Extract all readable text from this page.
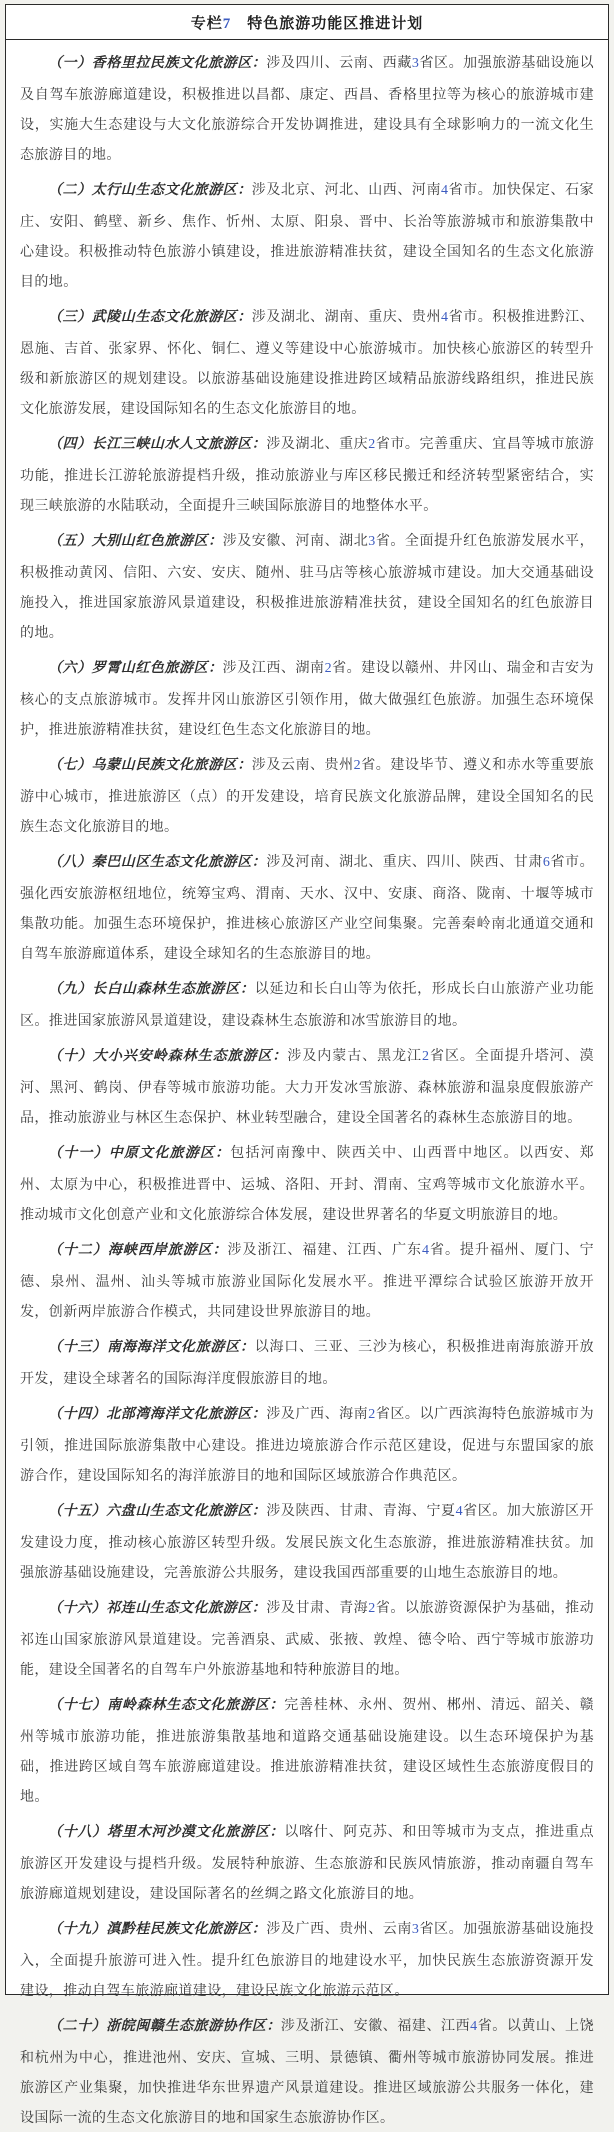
专栏7　特色旅游功能区推进计划

（一）香格里拉民族文化旅游区：涉及四川、云南、西藏3省区。加强旅游基础设施以及自驾车旅游廊道建设，积极推进以昌都、康定、西昌、香格里拉等为核心的旅游城市建设，实施大生态建设与大文化旅游综合开发协调推进，建设具有全球影响力的一流文化生态旅游目的地。

（二）太行山生态文化旅游区：涉及北京、河北、山西、河南4省市。加快保定、石家庄、安阳、鹤壁、新乡、焦作、忻州、太原、阳泉、晋中、长治等旅游城市和旅游集散中心建设。积极推动特色旅游小镇建设，推进旅游精准扶贫，建设全国知名的生态文化旅游目的地。

（三）武陵山生态文化旅游区：涉及湖北、湖南、重庆、贵州4省市。积极推进黔江、恩施、吉首、张家界、怀化、铜仁、遵义等建设中心旅游城市。加快核心旅游区的转型升级和新旅游区的规划建设。以旅游基础设施建设推进跨区域精品旅游线路组织，推进民族文化旅游发展，建设国际知名的生态文化旅游目的地。

（四）长江三峡山水人文旅游区：涉及湖北、重庆2省市。完善重庆、宜昌等城市旅游功能，推进长江游轮旅游提档升级，推动旅游业与库区移民搬迁和经济转型紧密结合，实现三峡旅游的水陆联动，全面提升三峡国际旅游目的地整体水平。

（五）大别山红色旅游区：涉及安徽、河南、湖北3省。全面提升红色旅游发展水平，积极推动黄冈、信阳、六安、安庆、随州、驻马店等核心旅游城市建设。加大交通基础设施投入，推进国家旅游风景道建设，积极推进旅游精准扶贫，建设全国知名的红色旅游目的地。

（六）罗霄山红色旅游区：涉及江西、湖南2省。建设以赣州、井冈山、瑞金和吉安为核心的支点旅游城市。发挥井冈山旅游区引领作用，做大做强红色旅游。加强生态环境保护，推进旅游精准扶贫，建设红色生态文化旅游目的地。

（七）乌蒙山民族文化旅游区：涉及云南、贵州2省。建设毕节、遵义和赤水等重要旅游中心城市，推进旅游区（点）的开发建设，培育民族文化旅游品牌，建设全国知名的民族生态文化旅游目的地。

（八）秦巴山区生态文化旅游区：涉及河南、湖北、重庆、四川、陕西、甘肃6省市。强化西安旅游枢纽地位，统筹宝鸡、渭南、天水、汉中、安康、商洛、陇南、十堰等城市集散功能。加强生态环境保护，推进核心旅游区产业空间集聚。完善秦岭南北通道交通和自驾车旅游廊道体系，建设全球知名的生态旅游目的地。

（九）长白山森林生态旅游区：以延边和长白山等为依托，形成长白山旅游产业功能区。推进国家旅游风景道建设，建设森林生态旅游和冰雪旅游目的地。

（十）大小兴安岭森林生态旅游区：涉及内蒙古、黑龙江2省区。全面提升塔河、漠河、黑河、鹤岗、伊春等城市旅游功能。大力开发冰雪旅游、森林旅游和温泉度假旅游产品，推动旅游业与林区生态保护、林业转型融合，建设全国著名的森林生态旅游目的地。

（十一）中原文化旅游区：包括河南豫中、陕西关中、山西晋中地区。以西安、郑州、太原为中心，积极推进晋中、运城、洛阳、开封、渭南、宝鸡等城市文化旅游水平。推动城市文化创意产业和文化旅游综合体发展，建设世界著名的华夏文明旅游目的地。

（十二）海峡西岸旅游区：涉及浙江、福建、江西、广东4省。提升福州、厦门、宁德、泉州、温州、汕头等城市旅游业国际化发展水平。推进平潭综合试验区旅游开放开发，创新两岸旅游合作模式，共同建设世界旅游目的地。

（十三）南海海洋文化旅游区：以海口、三亚、三沙为核心，积极推进南海旅游开放开发，建设全球著名的国际海洋度假旅游目的地。

（十四）北部湾海洋文化旅游区：涉及广西、海南2省区。以广西滨海特色旅游城市为引领，推进国际旅游集散中心建设。推进边境旅游合作示范区建设，促进与东盟国家的旅游合作，建设国际知名的海洋旅游目的地和国际区域旅游合作典范区。

（十五）六盘山生态文化旅游区：涉及陕西、甘肃、青海、宁夏4省区。加大旅游区开发建设力度，推动核心旅游区转型升级。发展民族文化生态旅游，推进旅游精准扶贫。加强旅游基础设施建设，完善旅游公共服务，建设我国西部重要的山地生态旅游目的地。

（十六）祁连山生态文化旅游区：涉及甘肃、青海2省。以旅游资源保护为基础，推动祁连山国家旅游风景道建设。完善酒泉、武威、张掖、敦煌、德令哈、西宁等城市旅游功能，建设全国著名的自驾车户外旅游基地和特种旅游目的地。

（十七）南岭森林生态文化旅游区：完善桂林、永州、贺州、郴州、清远、韶关、赣州等城市旅游功能，推进旅游集散基地和道路交通基础设施建设。以生态环境保护为基础，推进跨区域自驾车旅游廊道建设。推进旅游精准扶贫，建设区域性生态旅游度假目的地。

（十八）塔里木河沙漠文化旅游区：以喀什、阿克苏、和田等城市为支点，推进重点旅游区开发建设与提档升级。发展特种旅游、生态旅游和民族风情旅游，推动南疆自驾车旅游廊道规划建设，建设国际著名的丝绸之路文化旅游目的地。

（十九）滇黔桂民族文化旅游区：涉及广西、贵州、云南3省区。加强旅游基础设施投入，全面提升旅游可进入性。提升红色旅游目的地建设水平，加快民族生态旅游资源开发建设，推动自驾车旅游廊道建设，建设民族文化旅游示范区。

（二十）浙皖闽赣生态旅游协作区：涉及浙江、安徽、福建、江西4省。以黄山、上饶和杭州为中心，推进池州、安庆、宣城、三明、景德镇、衢州等城市旅游协同发展。推进旅游区产业集聚，加快推进华东世界遗产风景道建设。推进区域旅游公共服务一体化，建设国际一流的生态文化旅游目的地和国家生态旅游协作区。
